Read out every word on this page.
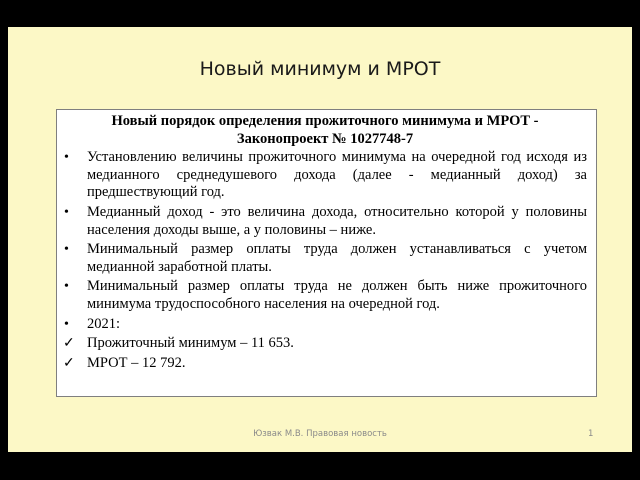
Новый минимум и МРОТ

Новый порядок определения прожиточного минимума и МРОТ -
Законопроект № 1027748-7

•	Установлению величины прожиточного минимума на очередной год исходя из медианного среднедушевого дохода (далее - медианный доход) за предшествующий год.
•	Медианный доход - это величина дохода, относительно которой у половины населения доходы выше, а у половины – ниже.
•	Минимальный размер оплаты труда должен устанавливаться с учетом медианной заработной платы.
•	Минимальный размер оплаты труда не должен быть ниже прожиточного минимума трудоспособного населения на очередной год.
•	2021:
✓ Прожиточный минимум – 11 653.
✓ МРОТ – 12 792.
Юзвак М.В. Правовая новость	1
